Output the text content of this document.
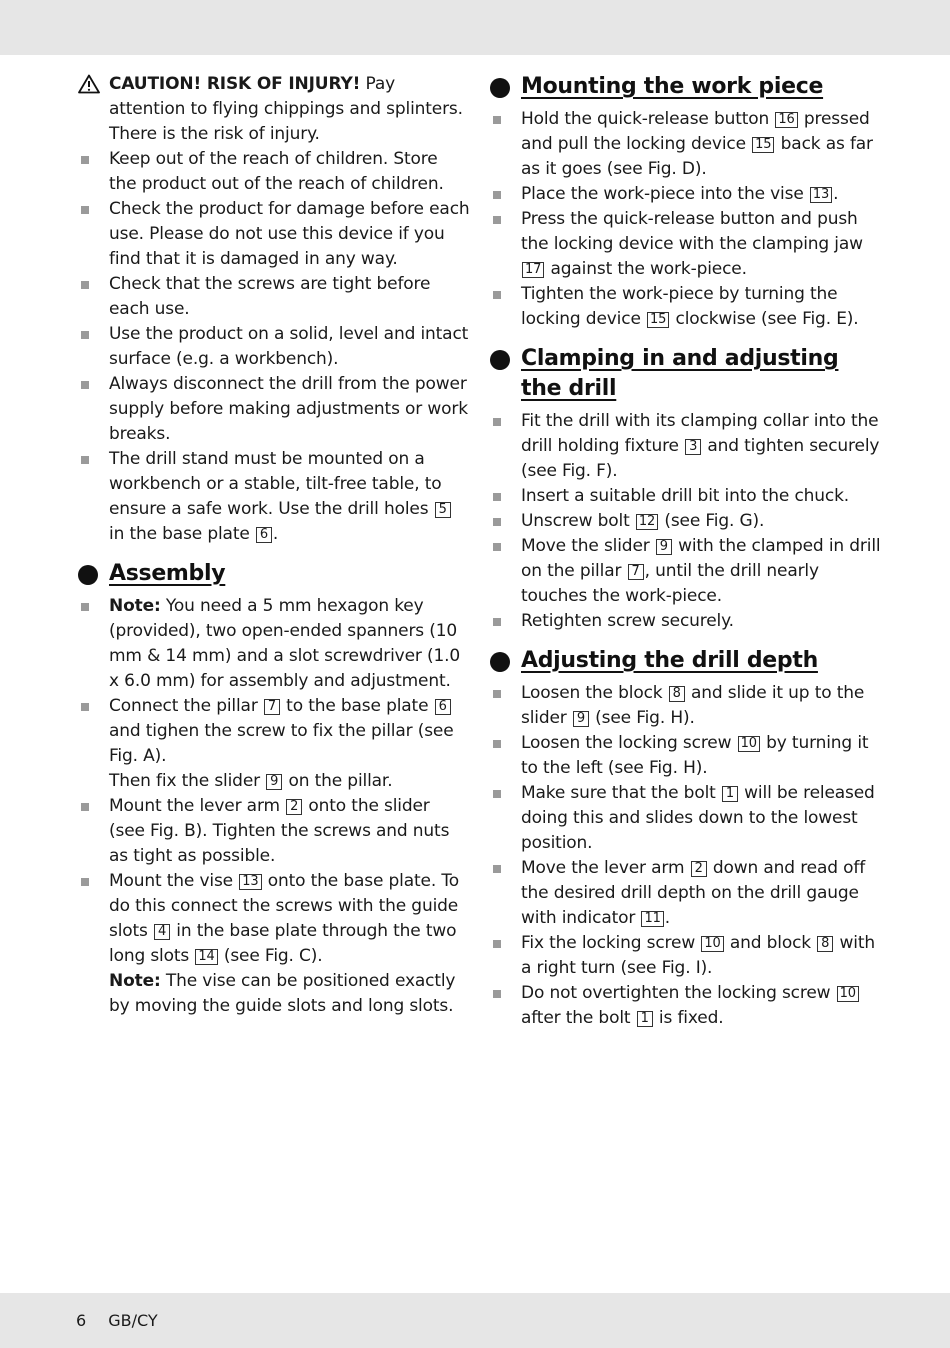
CAUTION! RISK OF INJURY! Pay attention to flying chippings and splinters. There is the risk of injury.
Keep out of the reach of children. Store the product out of the reach of children.
Check the product for damage before each use. Please do not use this device if you find that it is damaged in any way.
Check that the screws are tight before each use.
Use the product on a solid, level and intact surface (e.g. a workbench).
Always disconnect the drill from the power supply before making adjustments or work breaks.
The drill stand must be mounted on a workbench or a stable, tilt-free table, to ensure a safe work. Use the drill holes 5 in the base plate 6 .
Assembly
Note: You need a 5 mm hexagon key (provided), two open-ended spanners (10 mm & 14 mm) and a slot screwdriver (1.0 x 6.0 mm) for assembly and adjustment.
Connect the pillar 7 to the base plate 6 and tighen the screw to fix the pillar (see Fig. A).
Then fix the slider 9 on the pillar.
Mount the lever arm 2 onto the slider (see Fig. B). Tighten the screws and nuts as tight as possible.
Mount the vise 13 onto the base plate. To do this connect the screws with the guide slots 4 in the base plate through the two long slots 14 (see Fig. C).
Note: The vise can be positioned exactly by moving the guide slots and long slots.
Mounting the work piece
Hold the quick-release button 16 pressed and pull the locking device 15 back as far as it goes (see Fig. D).
Place the work-piece into the vise 13 .
Press the quick-release button and push the locking device with the clamping jaw 17 against the work-piece.
Tighten the work-piece by turning the locking device 15 clockwise (see Fig. E).
Clamping in and adjusting the drill
Fit the drill with its clamping collar into the drill holding fixture 3 and tighten securely (see Fig. F).
Insert a suitable drill bit into the chuck.
Unscrew bolt 12 (see Fig. G).
Move the slider 9 with the clamped in drill on the pillar 7 , until the drill nearly touches the work-piece.
Retighten screw securely.
Adjusting the drill depth
Loosen the block 8 and slide it up to the slider 9 (see Fig. H).
Loosen the locking screw 10 by turning it to the left (see Fig. H).
Make sure that the bolt 1 will be released doing this and slides down to the lowest position.
Move the lever arm 2 down and read off the desired drill depth on the drill gauge with indicator 11 .
Fix the locking screw 10 and block 8 with a right turn (see Fig. I).
Do not overtighten the locking screw 10 after the bolt 1 is fixed.
6 GB/CY
